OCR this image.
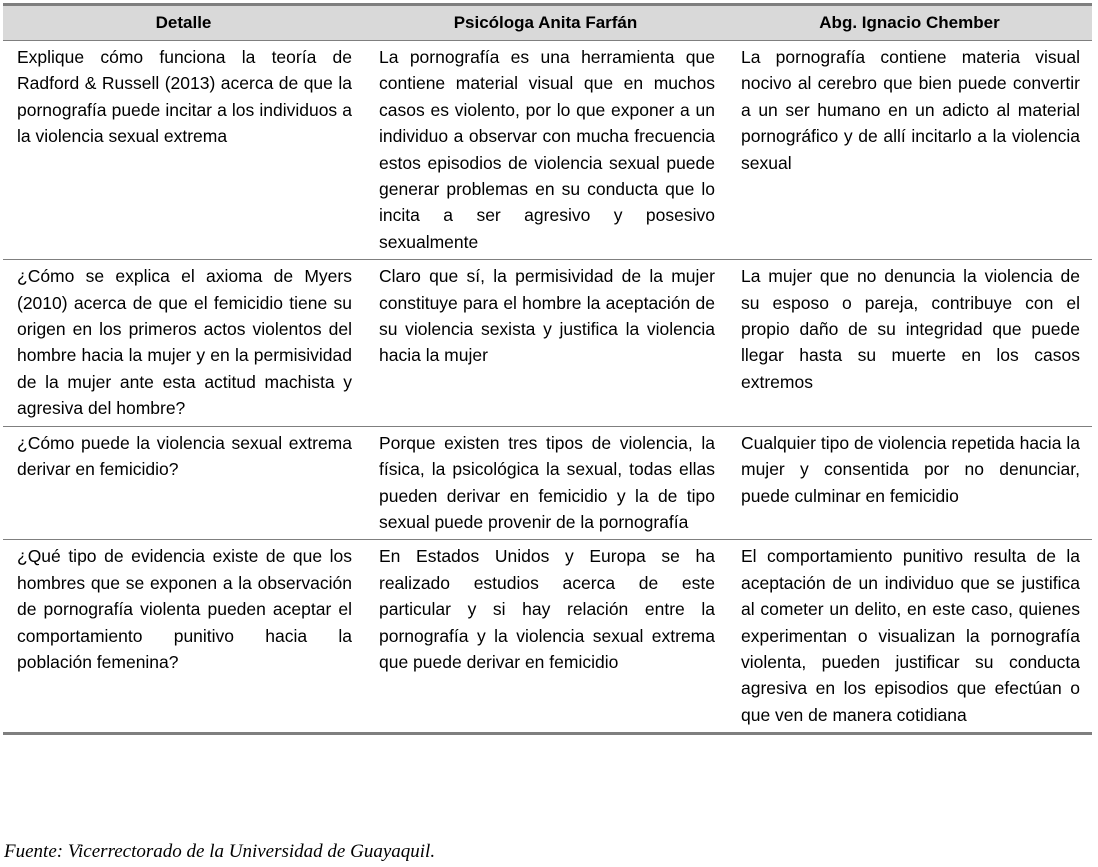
Detalle	Psicóloga Anita Farfán	Abg. Ignacio Chember
Explique cómo funciona la teoría de Radford & Russell (2013) acerca de que la pornografía puede incitar a los individuos a la violencia sexual extrema	La pornografía es una herramienta que contiene material visual que en muchos casos es violento, por lo que exponer a un individuo a observar con mucha frecuencia estos episodios de violencia sexual puede generar problemas en su conducta que lo incita a ser agresivo y posesivo sexualmente	La pornografía contiene materia visual nocivo al cerebro que bien puede convertir a un ser humano en un adicto al material pornográfico y de allí incitarlo a la violencia sexual
¿Cómo se explica el axioma de Myers (2010) acerca de que el femicidio tiene su origen en los primeros actos violentos del hombre hacia la mujer y en la permisividad de la mujer ante esta actitud machista y agresiva del hombre?	Claro que sí, la permisividad de la mujer constituye para el hombre la aceptación de su violencia sexista y justifica la violencia hacia la mujer	La mujer que no denuncia la violencia de su esposo o pareja, contribuye con el propio daño de su integridad que puede llegar hasta su muerte en los casos extremos
¿Cómo puede la violencia sexual extrema derivar en femicidio?	Porque existen tres tipos de violencia, la física, la psicológica la sexual, todas ellas pueden derivar en femicidio y la de tipo sexual puede provenir de la pornografía	Cualquier tipo de violencia repetida hacia la mujer y consentida por no denunciar, puede culminar en femicidio
¿Qué tipo de evidencia existe de que los hombres que se exponen a la observación de pornografía violenta pueden aceptar el comportamiento punitivo hacia la población femenina?	En Estados Unidos y Europa se ha realizado estudios acerca de este particular y si hay relación entre la pornografía y la violencia sexual extrema que puede derivar en femicidio	El comportamiento punitivo resulta de la aceptación de un individuo que se justifica al cometer un delito, en este caso, quienes experimentan o visualizan la pornografía violenta, pueden justificar su conducta agresiva en los episodios que efectúan o que ven de manera cotidiana
Fuente: Vicerrectorado de la Universidad de Guayaquil.
